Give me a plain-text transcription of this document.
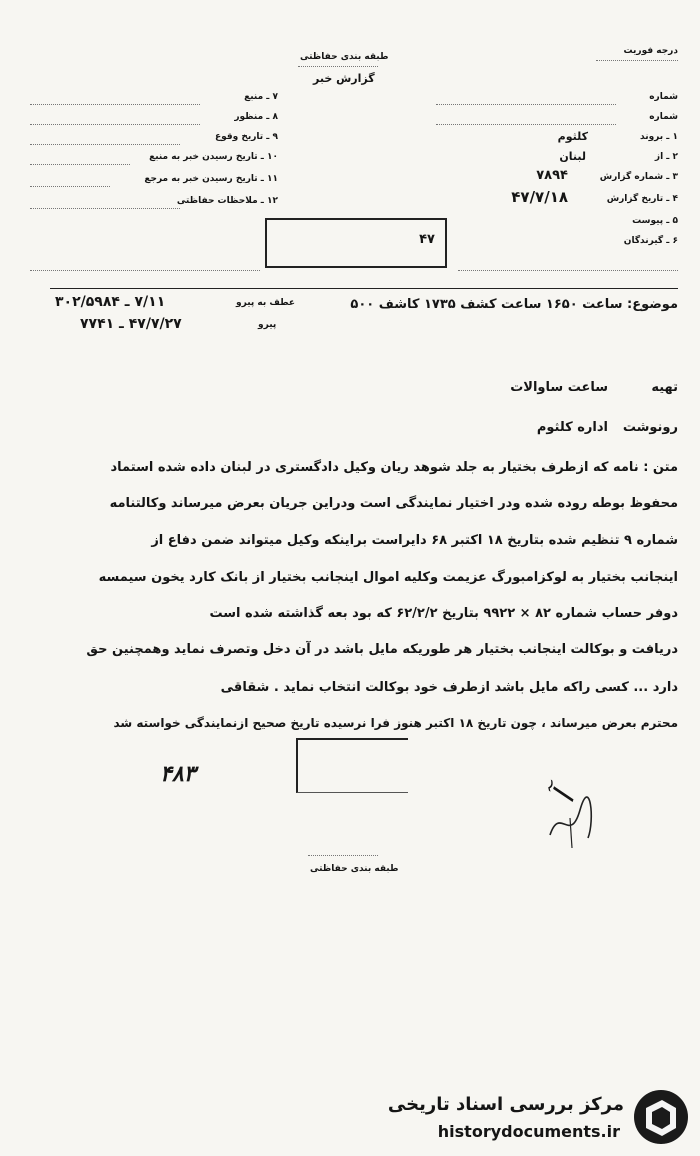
درجه فوریت
طبقه بندی حفاظتی
گزارش خبر
شماره
شماره
۱ ـ بروند
کلثوم
۲ ـ از
لبنان
۳ ـ شماره گزارش
۷۸۹۴
۴ ـ تاریخ گزارش
۴۷/۷/۱۸
۵ ـ پیوست
۶ ـ گیرندگان
۷ ـ منبع
۸ ـ منظور
۹ ـ تاریخ وقوع
۱۰ ـ تاریخ رسیدن خبر به منبع
۱۱ ـ تاریخ رسیدن خبر به مرجع
۱۲ ـ ملاحظات حفاظتی
۴۷
موضوع: ساعت ۱۶۵۰ ساعت کشف ۱۷۳۵ کاشف ۵۰۰
عطف به پیرو
پیرو
۷/۱۱ ـ ۳۰۲/۵۹۸۴
۴۷/۷/۲۷ ـ ۷۷۴۱
تهیه
ساعت ساوالات
رونوشت
اداره کلثوم
متن : نامه که ازطرف بختیار به جلد شوهد ریان وکیل دادگستری در لبنان داده شده استماد
محفوظ بوطه روده شده ودر اختیار نمایندگی است ودراین جریان بعرض میرساند وکالتنامه
شماره ۹ تنظیم شده بتاریخ ۱۸ اکتبر ۶۸ دایراست براینکه وکیل میتواند ضمن دفاع از
اینجانب بختیار به لوکزامبورگ عزیمت وکلیه اموال اینجانب بختیار از بانک کارد یخون سیمسه
دوفر حساب شماره ۸۲ × ۹۹۲۲ بتاریخ ۶۲/۲/۲ که بود بعه گذاشته شده است
دریافت و بوکالت اینجانب بختیار هر طوریکه مایل باشد در آن دخل وتصرف نماید وهمچنین حق
دارد ... کسی راکه مایل باشد ازطرف خود بوکالت انتخاب نماید . شقاقی
محترم بعرض میرساند ، چون تاریخ ۱۸ اکتبر هنوز فرا نرسیده تاریخ صحیح ازنمایندگی خواسته شد
۴۸۳
آ
طبقه بندی حفاظتی
مرکز بررسی اسناد تاریخی
historydocuments.ir
